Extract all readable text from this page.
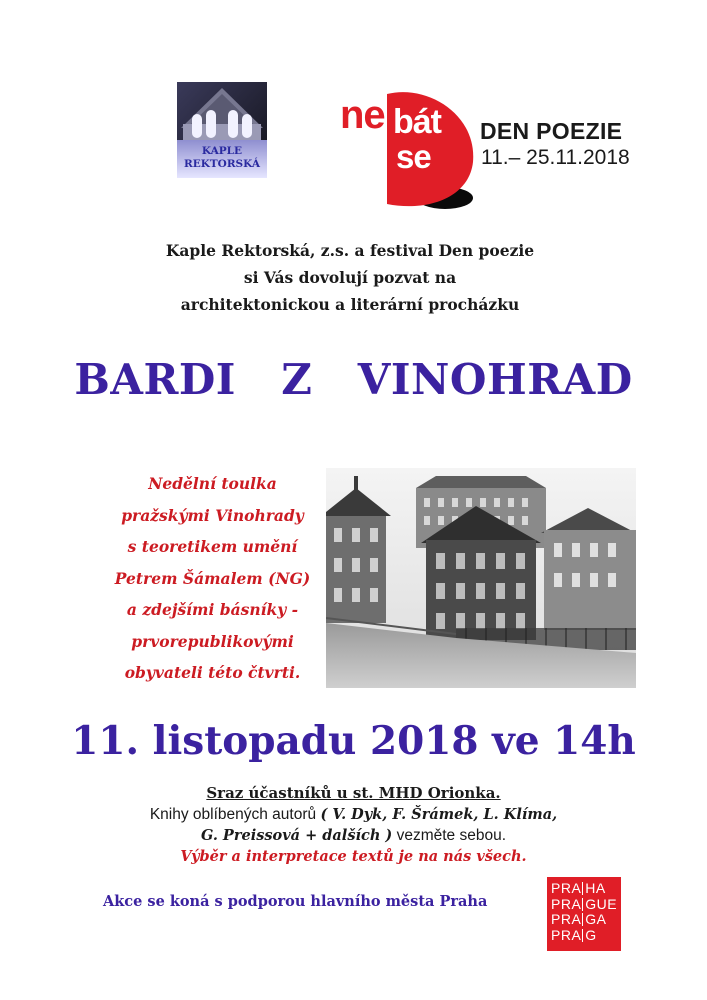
KAPLE
REKTORSKÁ
ne bát
se
DEN POEZIE
11.– 25.11.2018
Kaple Rektorská, z.s. a festival Den poezie
si Vás dovolují pozvat na
architektonickou a literární procházku
BARDI   Z   VINOHRAD
Nedělní toulka
pražskými Vinohrady
s teoretikem umění
Petrem Šámalem (NG)
a zdejšími básníky -
prvorepublikovými
obyvateli této čtvrti.
11. listopadu 2018 ve 14h
Sraz účastníků u st. MHD Orionka.
Knihy oblíbených autorů ( V. Dyk, F. Šrámek, L. Klíma,
G. Preissová + dalších ) vezměte sebou.
Výběr a interpretace textů je na nás všech.
Akce se koná s podporou hlavního města Praha
PRA HA
PRA GUE
PRA GA
PRA G
